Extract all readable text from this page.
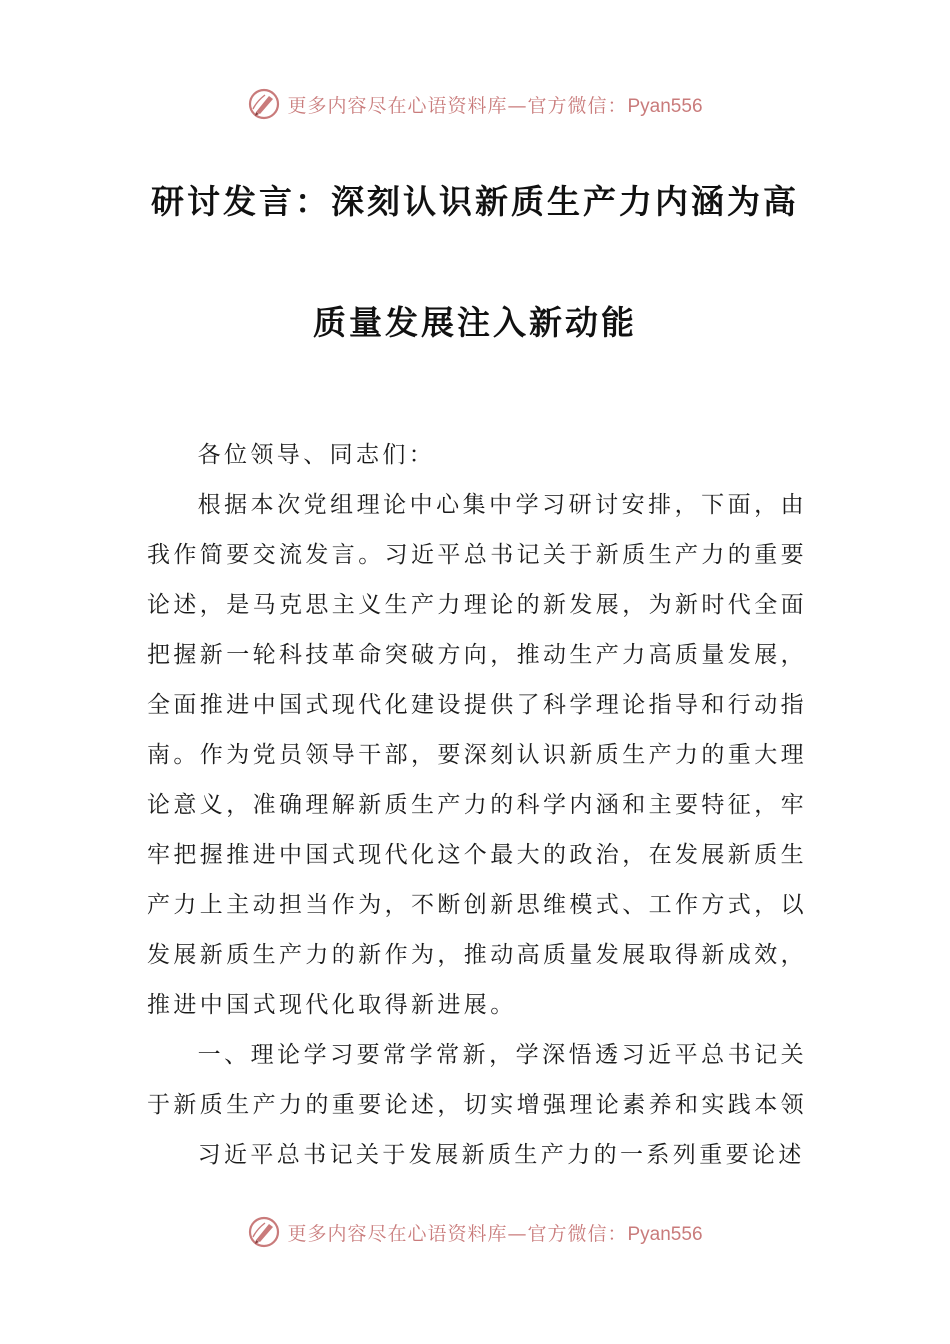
更多内容尽在心语资料库—官方微信：Pyan556
研讨发言：深刻认识新质生产力内涵为高
质量发展注入新动能

各位领导、同志们：

根据本次党组理论中心集中学习研讨安排，下面，由我作简要交流发言。习近平总书记关于新质生产力的重要论述，是马克思主义生产力理论的新发展，为新时代全面把握新一轮科技革命突破方向，推动生产力高质量发展，全面推进中国式现代化建设提供了科学理论指导和行动指南。作为党员领导干部，要深刻认识新质生产力的重大理论意义，准确理解新质生产力的科学内涵和主要特征，牢牢把握推进中国式现代化这个最大的政治，在发展新质生产力上主动担当作为，不断创新思维模式、工作方式，以发展新质生产力的新作为，推动高质量发展取得新成效，推进中国式现代化取得新进展。

一、理论学习要常学常新，学深悟透习近平总书记关于新质生产力的重要论述，切实增强理论素养和实践本领

习近平总书记关于发展新质生产力的一系列重要论述

更多内容尽在心语资料库—官方微信：Pyan556
